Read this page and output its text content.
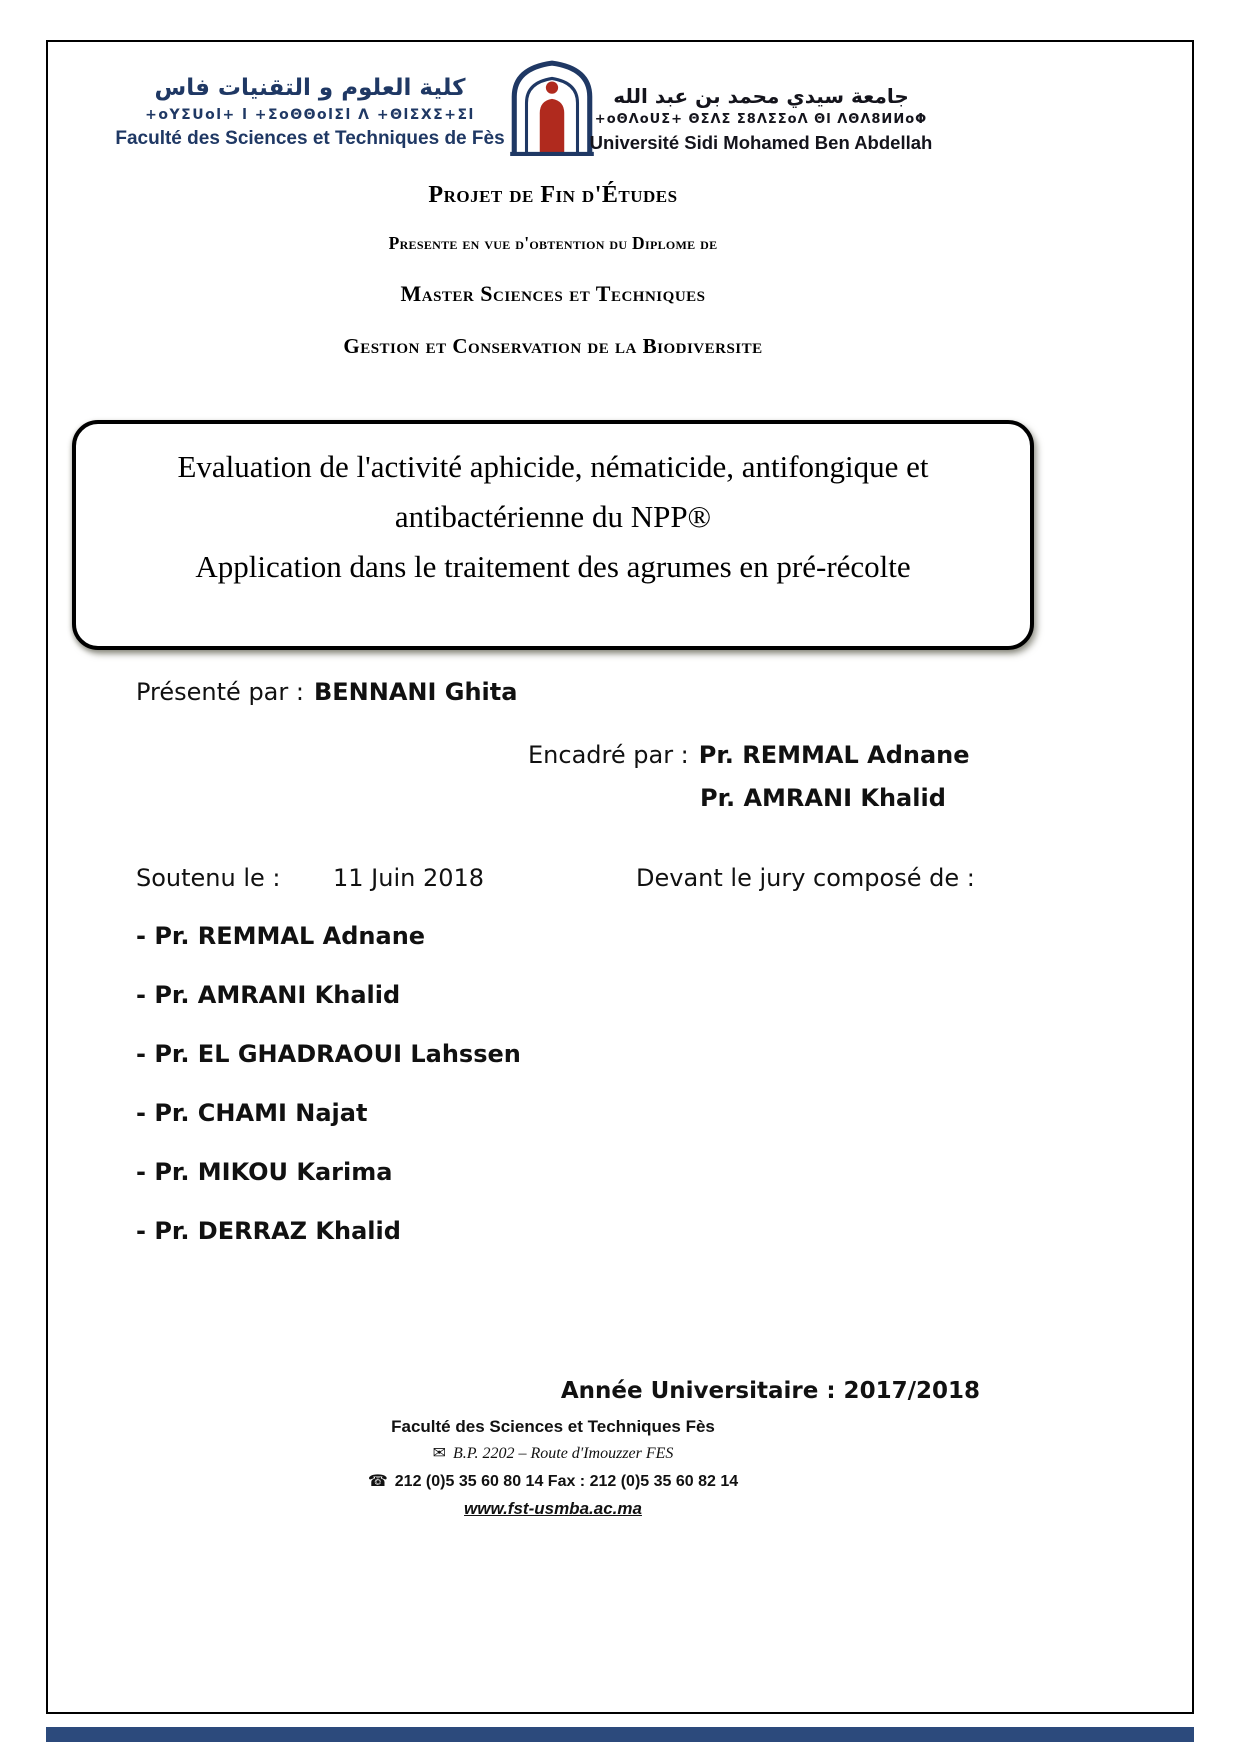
كلية العلوم و التقنيات فاس
+oYΣUol+ l +ΣoΘΘolΣl Λ +ΘlΣXΣ+Σl
Faculté des Sciences et Techniques de Fès
جامعة سيدي محمد بن عبد الله
+oΘΛoUΣ+ ΘΣΛΣ Σ8ΛΣΣoΛ Θl ΛΘΛ8ИИoΦ
Université Sidi Mohamed Ben Abdellah
Projet de Fin d'Études
Presente en vue d'obtention du Diplome de
Master Sciences et Techniques
Gestion et Conservation de la Biodiversite
Evaluation de l'activité aphicide, nématicide, antifongique et
antibactérienne du NPP®
Application dans le traitement des agrumes en pré-récolte
Présenté par : BENNANI Ghita
Encadré par : Pr. REMMAL Adnane
Pr. AMRANI Khalid
Soutenu le : 11 Juin 2018	Devant le jury composé de :
- Pr. REMMAL Adnane
- Pr. AMRANI Khalid
- Pr. EL GHADRAOUI Lahssen
- Pr. CHAMI Najat
- Pr. MIKOU Karima
- Pr. DERRAZ Khalid
Année Universitaire : 2017/2018
Faculté des Sciences et Techniques Fès
✉ B.P. 2202 – Route d'Imouzzer FES
☎ 212 (0)5 35 60 80 14 Fax : 212 (0)5 35 60 82 14
www.fst-usmba.ac.ma
